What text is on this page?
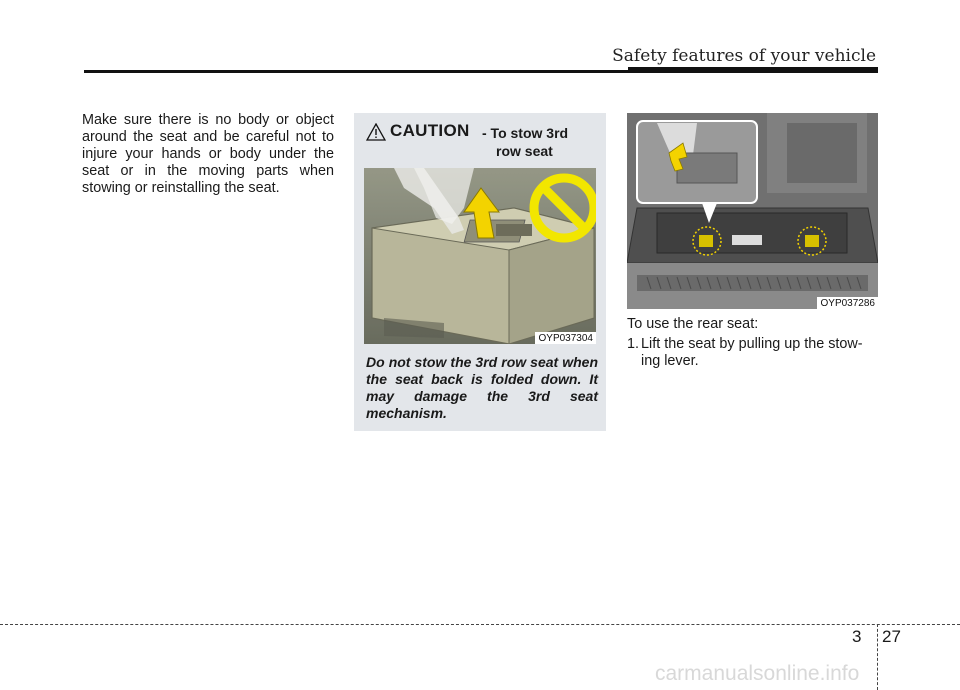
Safety features of your vehicle

Make sure there is no body or object around the seat and be careful not to injure your hands or body under the seat or in the moving parts when stowing or reinstalling the seat.

CAUTION - To stow 3rd
row seat
OYP037304
Do not stow the 3rd row seat when the seat back is folded down. It may damage the 3rd seat mechanism.
OYP037286
To use the rear seat:
1. Lift the seat by pulling up the stow-ing lever.
3 27
carmanualsonline.info
